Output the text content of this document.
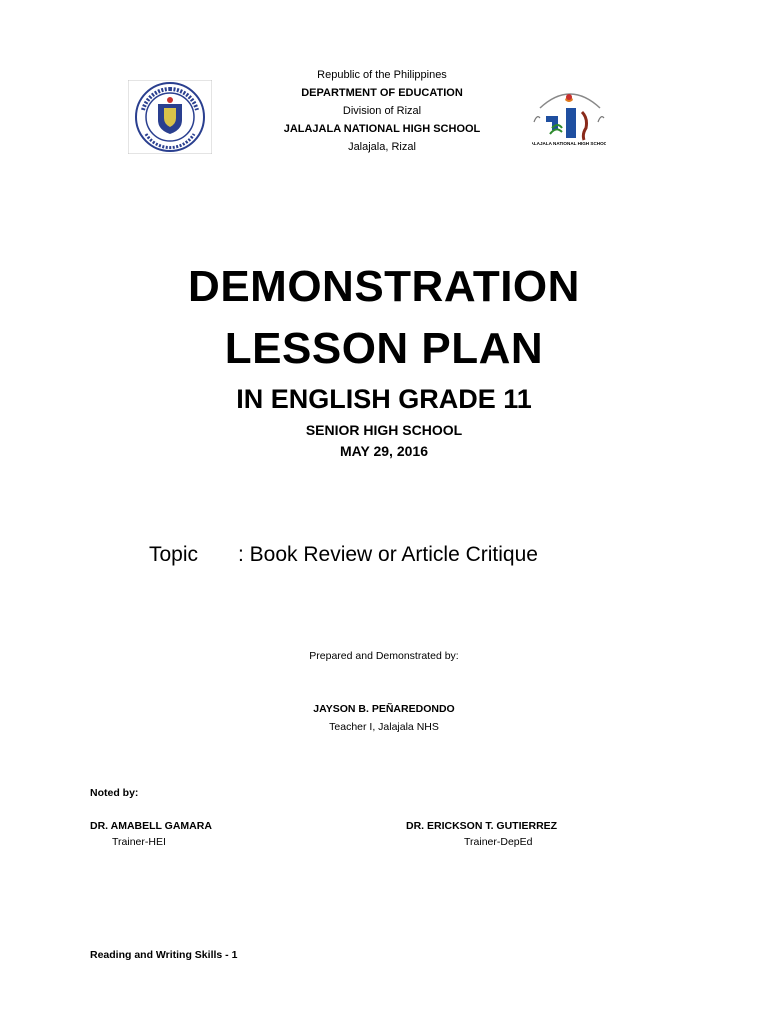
Republic of the Philippines
DEPARTMENT OF EDUCATION
Division of Rizal
JALAJALA NATIONAL HIGH SCHOOL
Jalajala, Rizal	JALAJALA NATIONAL HIGH SCHOOL
DEMONSTRATION
LESSON PLAN
IN ENGLISH GRADE 11
SENIOR HIGH SCHOOL
MAY 29, 2016
Topic : Book Review or Article Critique
Prepared and Demonstrated by:
JAYSON B. PEÑAREDONDO
Teacher I, Jalajala NHS
Noted by:
DR. AMABELL GAMARA
Trainer-HEI
DR. ERICKSON T. GUTIERREZ
Trainer-DepEd
Reading and Writing Skills - 1
